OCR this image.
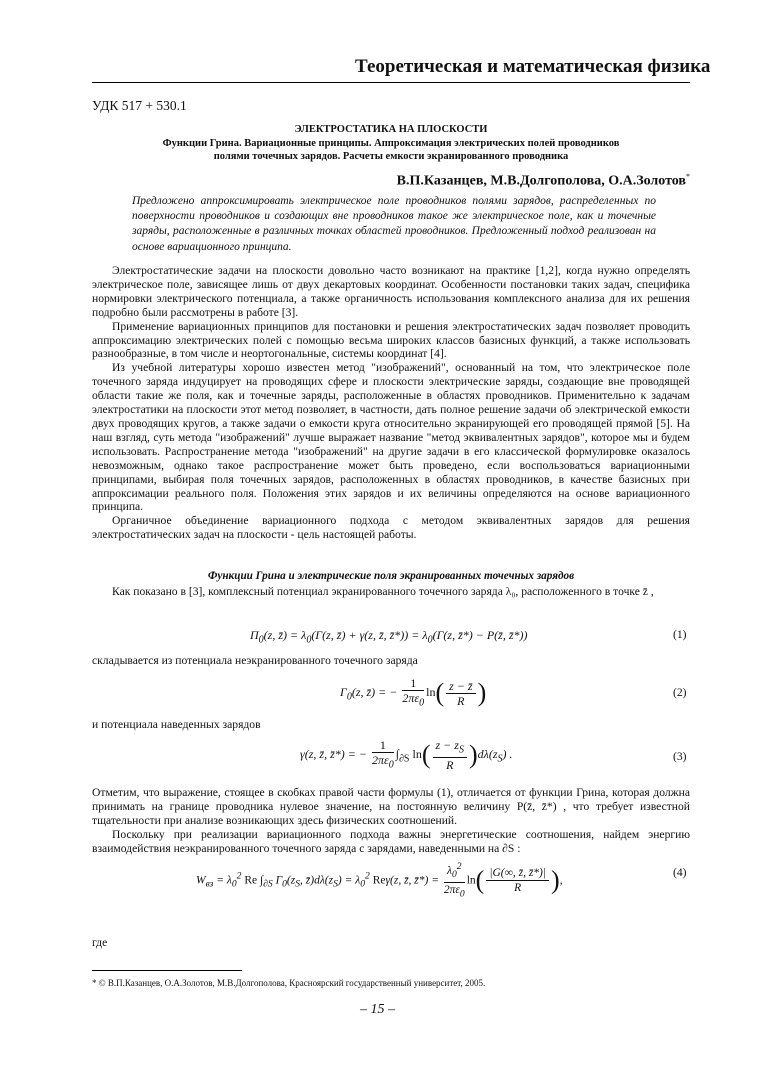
Теоретическая и математическая физика
УДК 517 + 530.1
ЭЛЕКТРОСТАТИКА НА ПЛОСКОСТИ
Функции Грина. Вариационные принципы. Аппроксимация электрических полей проводников
полями точечных зарядов. Расчеты емкости экранированного проводника
В.П.Казанцев, М.В.Долгополова, О.А.Золотов*
Предложено аппроксимировать электрическое поле проводников полями зарядов, распределенных по поверхности проводников и создающих вне проводников такое же электрическое поле, как и точечные заряды, расположенные в различных точках областей проводников. Предложенный подход реализован на основе вариационного принципа.

Электростатические задачи на плоскости довольно часто возникают на практике [1,2], когда нужно определять электрическое поле, зависящее лишь от двух декартовых координат. Особенности постановки таких задач, специфика нормировки электрического потенциала, а также органичность использования комплексного анализа для их решения подробно были рассмотрены в работе [3].

Применение вариационных принципов для постановки и решения электростатических задач позволяет проводить аппроксимацию электрических полей с помощью весьма широких классов базисных функций, а также использовать разнообразные, в том числе и неортогональные, системы координат [4].

Из учебной литературы хорошо известен метод "изображений", основанный на том, что электрическое поле точечного заряда индуцирует на проводящих сфере и плоскости электрические заряды, создающие вне проводящей области такие же поля, как и точечные заряды, расположенные в областях проводников. Применительно к задачам электростатики на плоскости этот метод позволяет, в частности, дать полное решение задачи об электрической емкости двух проводящих кругов, а также задачи о емкости круга относительно экранирующей его проводящей прямой [5]. На наш взгляд, суть метода "изображений" лучше выражает название "метод эквивалентных зарядов", которое мы и будем использовать. Распространение метода "изображений" на другие задачи в его классической формулировке оказалось невозможным, однако такое распространение может быть проведено, если воспользоваться вариационными принципами, выбирая поля точечных зарядов, расположенных в областях проводников, в качестве базисных при аппроксимации реального поля. Положения этих зарядов и их величины определяются на основе вариационного принципа.

Органичное объединение вариационного подхода с методом эквивалентных зарядов для решения электростатических задач на плоскости - цель настоящей работы.

Функции Грина и электрические поля экранированных точечных зарядов

Как показано в [3], комплексный потенциал экранированного точечного заряда λ₀, расположенного в точке z̄ ,

$\Pi_0(z$, z̄) = $\lambda_0(\Gamma(z$, z̄) + γ(z, z̄, z̄*)) = $\lambda_0(\Gamma(z$, z̄*) − P(z̄, z̄*))	(1)
складывается из потенциала неэкранированного точечного заряда
$\Gamma_0(z$, z̄) = − $\frac{1}{2\pi\varepsilon_0} \ln( \frac{z - z̄}{R}$ )	(2)
и потенциала наведенных зарядов
γ(z, z̄, z̄*) = − $\frac{1}{2\pi\varepsilon_0} \int_{\partial S}$ $\ln( \frac{z - z_S}{R} )d\lambda(z_S)$ .	(3)

Отметим, что выражение, стоящее в скобках правой части формулы (1), отличается от функции Грина, которая должна принимать на границе проводника нулевое значение, на постоянную величину P(z̄, z̄*) , что требует известной тщательности при анализе возникающих здесь физических соотношений.

Поскольку при реализации вариационного подхода важны энергетические соотношения, найдем энергию взаимодействия неэкранированного точечного заряда с зарядами, наведенными на ∂S :

$W_{вз} = \lambda_0^2$ Re $\int_{\partial S}$ $\Gamma_0(z_S$, $z̄)d\lambda(z_S) = \lambda_0^2$ Reγ(z, z̄, z̄*) = $\frac{\lambda_0^2}{2\pi\varepsilon_0} \ln( \frac{|G(\infty, z̄, z̄*)|}{R}$ ),
(4)
где
* © В.П.Казанцев, О.А.Золотов, М.В.Долгополова, Красноярский государственный университет, 2005.
– 15 –
